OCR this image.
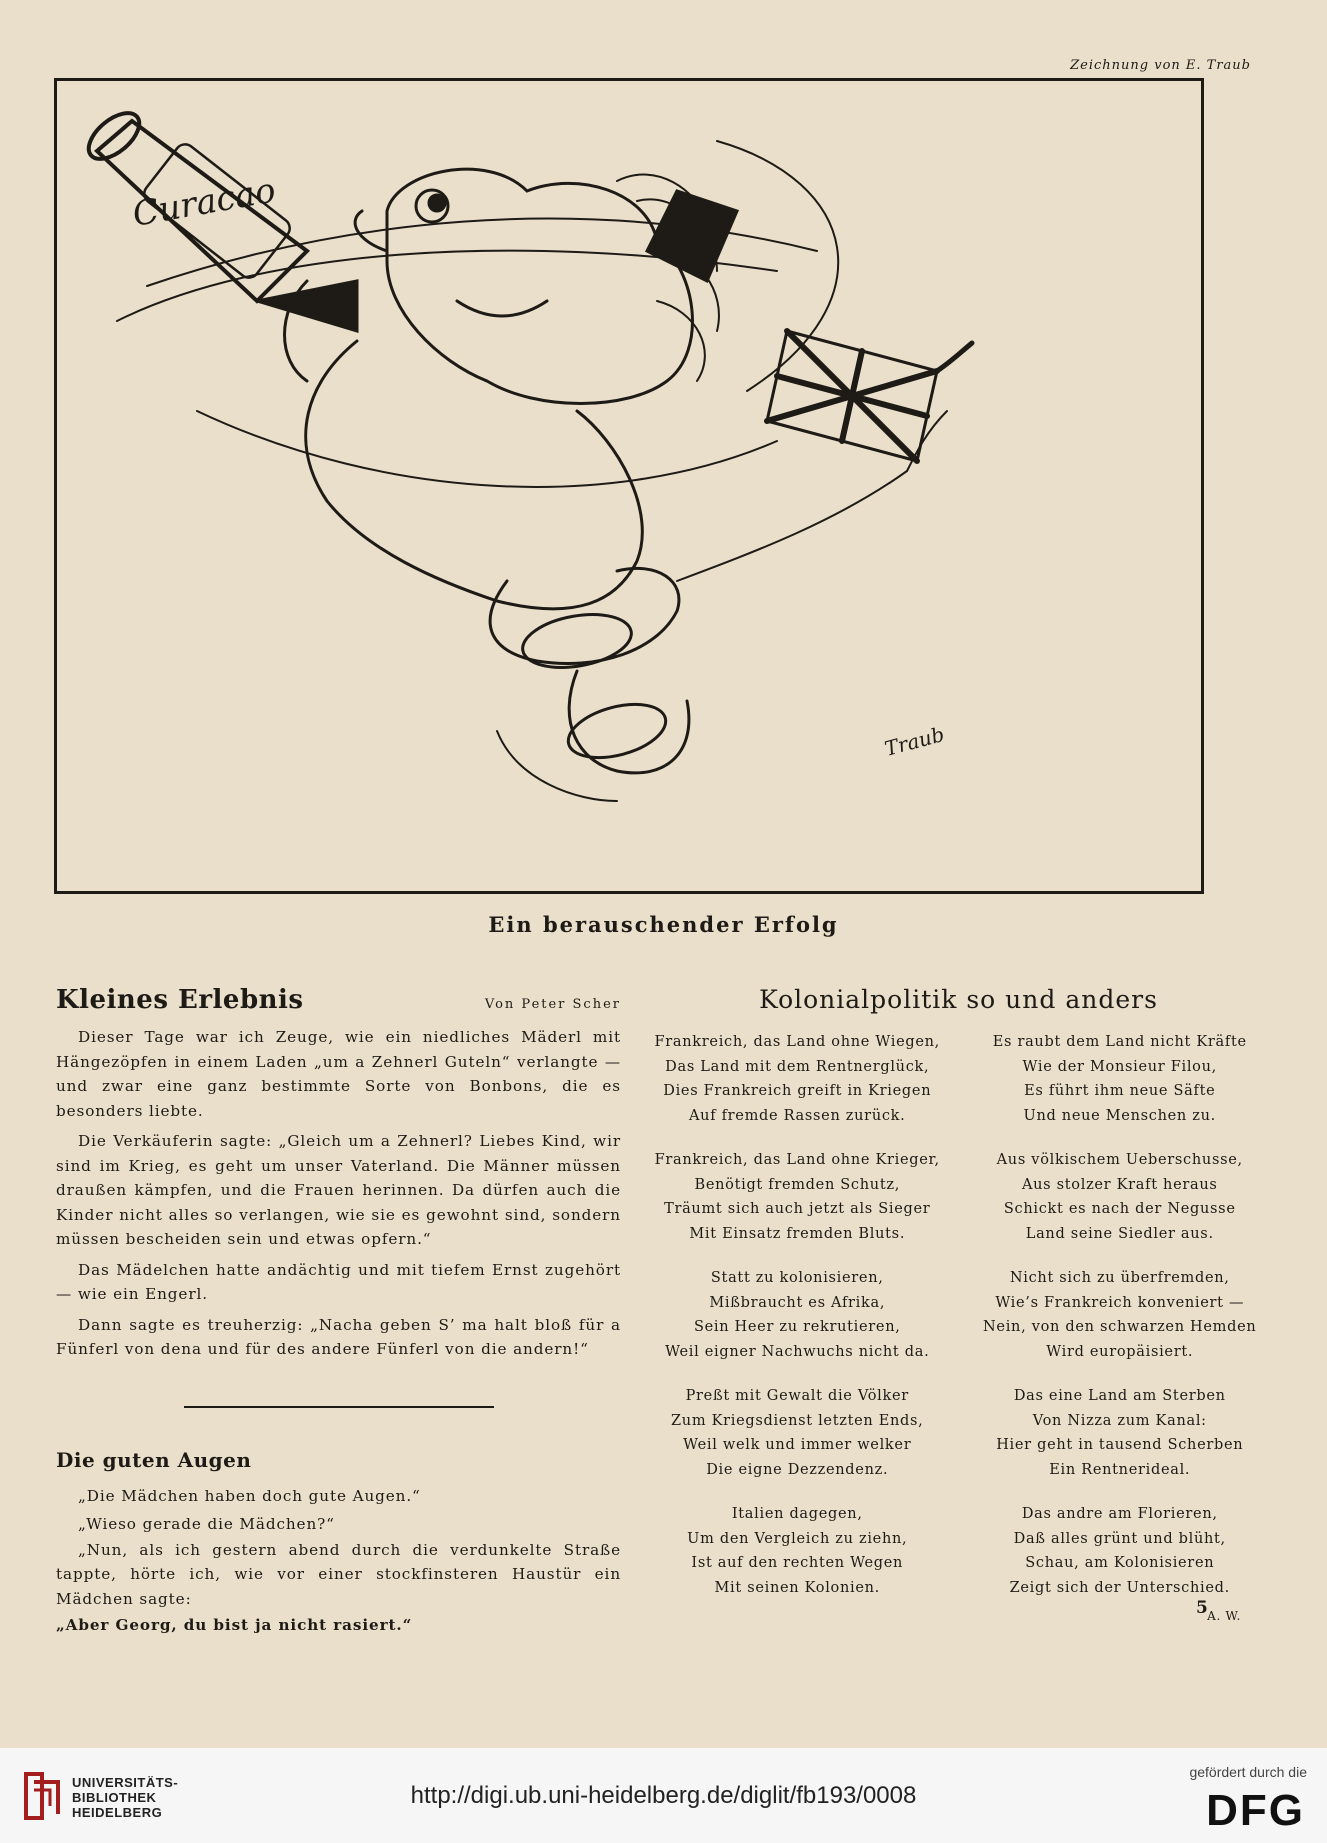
Zeichnung von E. Traub
Curacao
Traub
Ein berauschender Erfolg
Kleines Erlebnis	Von Peter Scher

Dieser Tage war ich Zeuge, wie ein niedliches Mäderl mit Hängezöpfen in einem Laden „um a Zehnerl Guteln“ verlangte — und zwar eine ganz bestimmte Sorte von Bonbons, die es besonders liebte.

Die Verkäuferin sagte: „Gleich um a Zehnerl? Liebes Kind, wir sind im Krieg, es geht um unser Vaterland. Die Männer müssen draußen kämpfen, und die Frauen herinnen. Da dürfen auch die Kinder nicht alles so verlangen, wie sie es gewohnt sind, sondern müssen bescheiden sein und etwas opfern.“

Das Mädelchen hatte andächtig und mit tiefem Ernst zugehört — wie ein Engerl.

Dann sagte es treuherzig: „Nacha geben S’ ma halt bloß für a Fünferl von dena und für des andere Fünferl von die andern!“

Die guten Augen
„Die Mädchen haben doch gute Augen.“
„Wieso gerade die Mädchen?“
„Nun, als ich gestern abend durch die verdunkelte Straße tappte, hörte ich, wie vor einer stockfinsteren Haustür ein Mädchen sagte:
„Aber Georg, du bist ja nicht rasiert.“
Kolonialpolitik so und anders
Frankreich, das Land ohne Wiegen,
Das Land mit dem Rentnerglück,
Dies Frankreich greift in Kriegen
Auf fremde Rassen zurück.
Es raubt dem Land nicht Kräfte
Wie der Monsieur Filou,
Es führt ihm neue Säfte
Und neue Menschen zu.
Frankreich, das Land ohne Krieger,
Benötigt fremden Schutz,
Träumt sich auch jetzt als Sieger
Mit Einsatz fremden Bluts.
Aus völkischem Ueberschusse,
Aus stolzer Kraft heraus
Schickt es nach der Negusse
Land seine Siedler aus.
Statt zu kolonisieren,
Mißbraucht es Afrika,
Sein Heer zu rekrutieren,
Weil eigner Nachwuchs nicht da.
Nicht sich zu überfremden,
Wie’s Frankreich konveniert —
Nein, von den schwarzen Hemden
Wird europäisiert.
Preßt mit Gewalt die Völker
Zum Kriegsdienst letzten Ends,
Weil welk und immer welker
Die eigne Dezzendenz.
Das eine Land am Sterben
Von Nizza zum Kanal:
Hier geht in tausend Scherben
Ein Rentnerideal.
Italien dagegen,
Um den Vergleich zu ziehn,
Ist auf den rechten Wegen
Mit seinen Kolonien.
Das andre am Florieren,
Daß alles grünt und blüht,
Schau, am Kolonisieren
Zeigt sich der Unterschied.
A. W.
5
UNIVERSITÄTS-
BIBLIOTHEK
HEIDELBERG
http://digi.ub.uni-heidelberg.de/diglit/fb193/0008
gefördert durch die
DFG
